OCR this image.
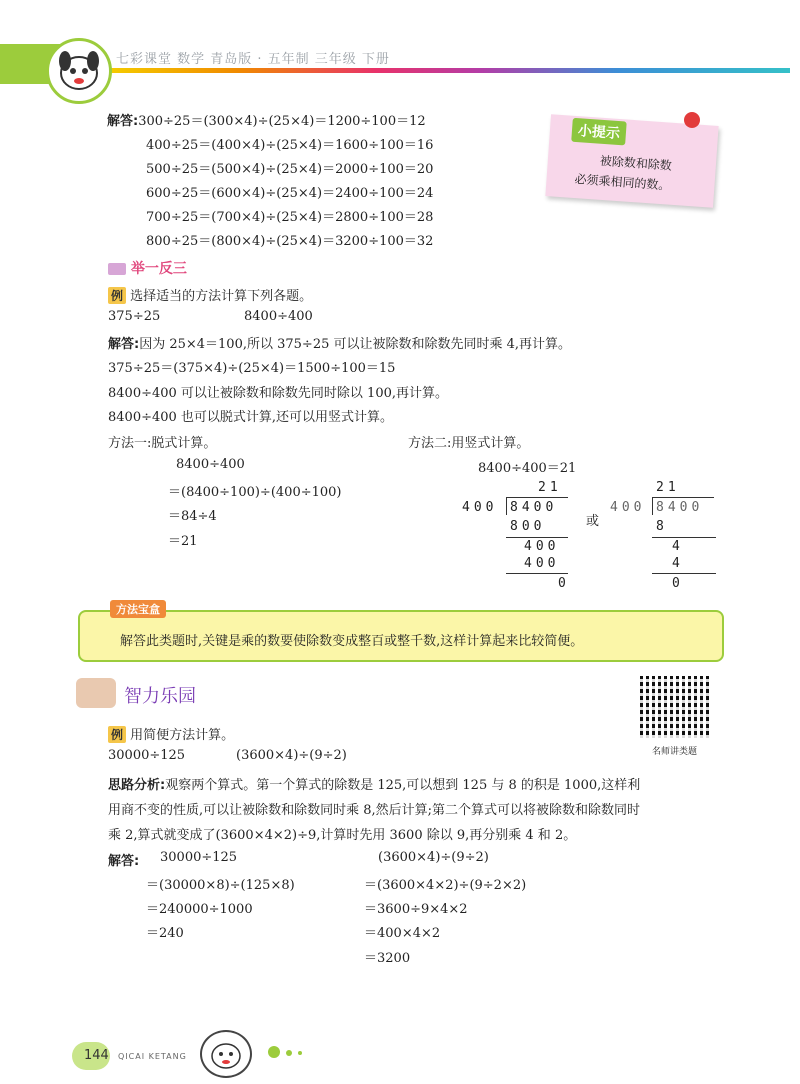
七彩课堂 数学 青岛版 · 五年制 三年级 下册
解答:300÷25＝(300×4)÷(25×4)＝1200÷100＝12
400÷25＝(400×4)÷(25×4)＝1600÷100＝16
500÷25＝(500×4)÷(25×4)＝2000÷100＝20
600÷25＝(600×4)÷(25×4)＝2400÷100＝24
700÷25＝(700×4)÷(25×4)＝2800÷100＝28
800÷25＝(800×4)÷(25×4)＝3200÷100＝32
小提示
被除数和除数
必须乘相同的数。
举一反三
例 选择适当的方法计算下列各题。
375÷25	8400÷400
解答:因为 25×4＝100,所以 375÷25 可以让被除数和除数先同时乘 4,再计算。
375÷25＝(375×4)÷(25×4)＝1500÷100＝15
8400÷400 可以让被除数和除数先同时除以 100,再计算。
8400÷400 也可以脱式计算,还可以用竖式计算。
方法一:脱式计算。
8400÷400
＝(8400÷100)÷(400÷100)
＝84÷4
＝21
方法二:用竖式计算。
8400÷400＝21
21
400 8400
800
400
400
0
或
21
400 8400
8
4
4
0
方法宝盒
解答此类题时,关键是乘的数要使除数变成整百或整千数,这样计算起来比较简便。
智力乐园
名师讲类题
例 用简便方法计算。
30000÷125	(3600×4)÷(9÷2)
思路分析:观察两个算式。第一个算式的除数是 125,可以想到 125 与 8 的积是 1000,这样利
用商不变的性质,可以让被除数和除数同时乘 8,然后计算;第二个算式可以将被除数和除数同时
乘 2,算式就变成了(3600×4×2)÷9,计算时先用 3600 除以 9,再分别乘 4 和 2。
解答: 30000÷125
＝(30000×8)÷(125×8)
＝240000÷1000
＝240
(3600×4)÷(9÷2)
＝(3600×4×2)÷(9÷2×2)
＝3600÷9×4×2
＝400×4×2
＝3200
144 QICAI KETANG
